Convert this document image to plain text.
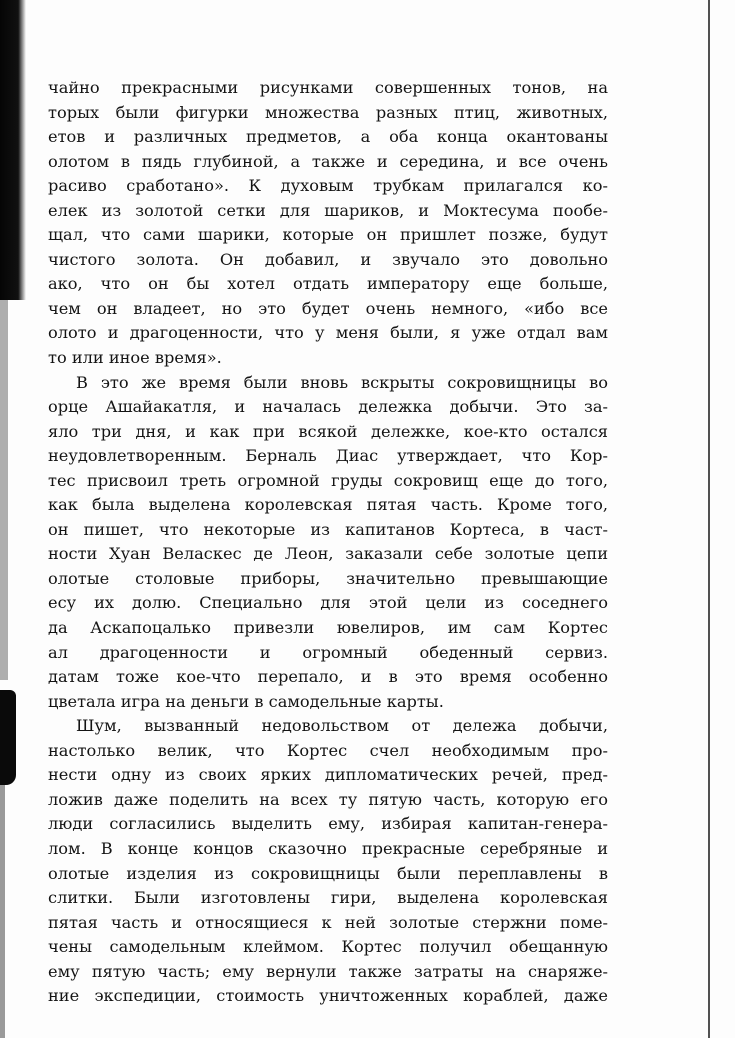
чайно прекрасными рисунками совершенных тонов, на
торых были фигурки множества разных птиц, животных,
етов и различных предметов, а оба конца окантованы
олотом в пядь глубиной, а также и середина, и все очень
расиво сработано». К духовым трубкам прилагался ко-
елек из золотой сетки для шариков, и Моктесума пообе-
щал, что сами шарики, которые он пришлет позже, будут
чистого золота. Он добавил, и звучало это довольно
ако, что он бы хотел отдать императору еще больше,
чем он владеет, но это будет очень немного, «ибо все
олото и драгоценности, что у меня были, я уже отдал вам
то или иное время».
В это же время были вновь вскрыты сокровищницы во
орце Ашайакатля, и началась дележка добычи. Это за-
яло три дня, и как при всякой дележке, кое-кто остался
неудовлетворенным. Берналь Диас утверждает, что Кор-
тес присвоил треть огромной груды сокровищ еще до того,
как была выделена королевская пятая часть. Кроме того,
он пишет, что некоторые из капитанов Кортеса, в част-
ности Хуан Веласкес де Леон, заказали себе золотые цепи
олотые столовые приборы, значительно превышающие
есу их долю. Специально для этой цели из соседнего
да Аскапоцалько привезли ювелиров, им сам Кортес
ал драгоценности и огромный обеденный сервиз.
датам тоже кое-что перепало, и в это время особенно
цветала игра на деньги в самодельные карты.
Шум, вызванный недовольством от дележа добычи,
настолько велик, что Кортес счел необходимым про-
нести одну из своих ярких дипломатических речей, пред-
ложив даже поделить на всех ту пятую часть, которую его
люди согласились выделить ему, избирая капитан-генера-
лом. В конце концов сказочно прекрасные серебряные и
олотые изделия из сокровищницы были переплавлены в
слитки. Были изготовлены гири, выделена королевская
пятая часть и относящиеся к ней золотые стержни поме-
чены самодельным клеймом. Кортес получил обещанную
ему пятую часть; ему вернули также затраты на снаряже-
ние экспедиции, стоимость уничтоженных кораблей, даже
